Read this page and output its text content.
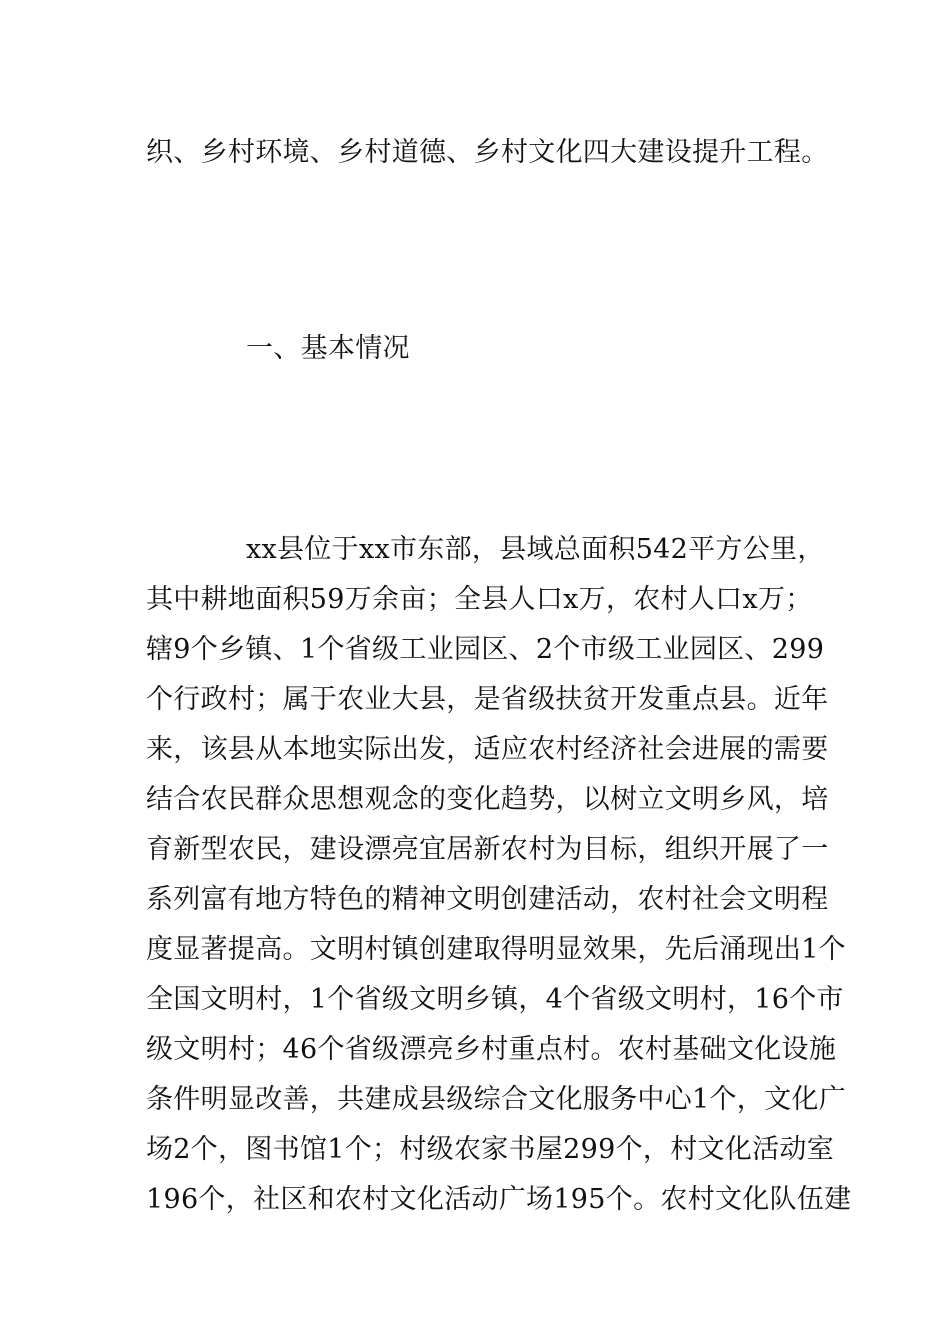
织、乡村环境、乡村道德、乡村文化四大建设提升工程。
一、基本情况
xx县位于xx市东部，县域总面积542平方公里，
其中耕地面积59万余亩；全县人口x万，农村人口x万；
辖9个乡镇、1个省级工业园区、2个市级工业园区、299
个行政村；属于农业大县，是省级扶贫开发重点县。近年
来，该县从本地实际出发，适应农村经济社会进展的需要
结合农民群众思想观念的变化趋势，以树立文明乡风，培
育新型农民，建设漂亮宜居新农村为目标，组织开展了一
系列富有地方特色的精神文明创建活动，农村社会文明程
度显著提高。文明村镇创建取得明显效果，先后涌现出1个
全国文明村，1个省级文明乡镇，4个省级文明村，16个市
级文明村；46个省级漂亮乡村重点村。农村基础文化设施
条件明显改善，共建成县级综合文化服务中心1个，文化广
场2个，图书馆1个；村级农家书屋299个，村文化活动室
196个，社区和农村文化活动广场195个。农村文化队伍建
